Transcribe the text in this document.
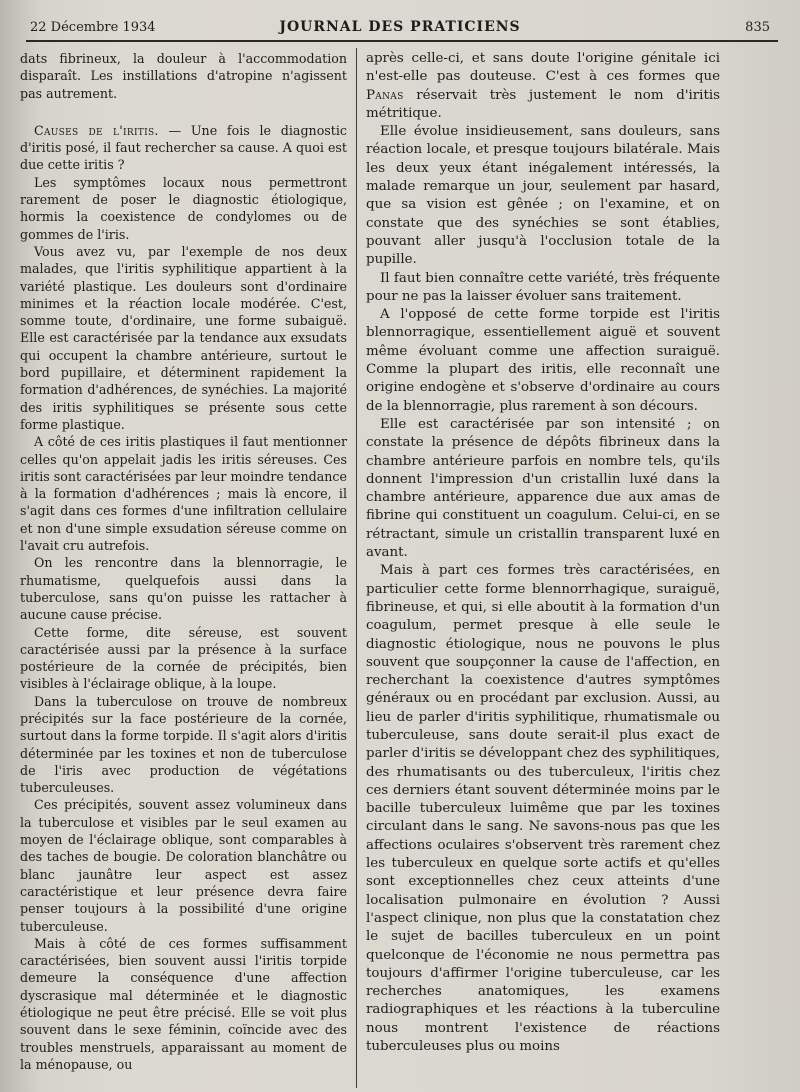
22 Décembre 1934	JOURNAL DES PRATICIENS	835

dats fibrineux, la douleur à l'accommodation disparaît. Les instillations d'atropine n'agissent pas autrement.

Causes de l'iritis. — Une fois le diagnostic d'iritis posé, il faut rechercher sa cause. A quoi est due cette iritis ?

Les symptômes locaux nous permettront rarement de poser le diagnostic étiologique, hormis la coexistence de condylomes ou de gommes de l'iris.

Vous avez vu, par l'exemple de nos deux malades, que l'iritis syphilitique appartient à la variété plastique. Les douleurs sont d'ordinaire minimes et la réaction locale modérée. C'est, somme toute, d'ordinaire, une forme subaiguë. Elle est caractérisée par la tendance aux exsudats qui occupent la chambre antérieure, surtout le bord pupillaire, et déterminent rapidement la formation d'adhérences, de synéchies. La majorité des iritis syphilitiques se présente sous cette forme plastique.

A côté de ces iritis plastiques il faut mentionner celles qu'on appelait jadis les iritis séreuses. Ces iritis sont caractérisées par leur moindre tendance à la formation d'adhérences ; mais là encore, il s'agit dans ces formes d'une infiltration cellulaire et non d'une simple exsudation séreuse comme on l'avait cru autrefois.

On les rencontre dans la blennorragie, le rhumatisme, quelquefois aussi dans la tuberculose, sans qu'on puisse les rattacher à aucune cause précise.

Cette forme, dite séreuse, est souvent caractérisée aussi par la présence à la surface postérieure de la cornée de précipités, bien visibles à l'éclairage oblique, à la loupe.

Dans la tuberculose on trouve de nombreux précipités sur la face postérieure de la cornée, surtout dans la forme torpide. Il s'agit alors d'iritis déterminée par les toxines et non de tuberculose de l'iris avec production de végétations tuberculeuses.

Ces précipités, souvent assez volumineux dans la tuberculose et visibles par le seul examen au moyen de l'éclairage oblique, sont comparables à des taches de bougie. De coloration blanchâtre ou blanc jaunâtre leur aspect est assez caractéristique et leur présence devra faire penser toujours à la possibilité d'une origine tuberculeuse.

Mais à côté de ces formes suffisamment caractérisées, bien souvent aussi l'iritis torpide demeure la conséquence d'une affection dyscrasique mal déterminée et le diagnostic étiologique ne peut être précisé. Elle se voit plus souvent dans le sexe féminin, coïncide avec des troubles menstruels, apparaissant au moment de la ménopause, ou

après celle-ci, et sans doute l'origine génitale ici n'est-elle pas douteuse. C'est à ces formes que Panas réservait très justement le nom d'iritis métritique.

Elle évolue insidieusement, sans douleurs, sans réaction locale, et presque toujours bilatérale. Mais les deux yeux étant inégalement intéressés, la malade remarque un jour, seulement par hasard, que sa vision est gênée ; on l'examine, et on constate que des synéchies se sont établies, pouvant aller jusqu'à l'occlusion totale de la pupille.

Il faut bien connaître cette variété, très fréquente pour ne pas la laisser évoluer sans traitement.

A l'opposé de cette forme torpide est l'iritis blennorragique, essentiellement aiguë et souvent même évoluant comme une affection suraiguë. Comme la plupart des iritis, elle reconnaît une origine endogène et s'observe d'ordinaire au cours de la blennorragie, plus rarement à son décours.

Elle est caractérisée par son intensité ; on constate la présence de dépôts fibrineux dans la chambre antérieure parfois en nombre tels, qu'ils donnent l'impression d'un cristallin luxé dans la chambre antérieure, apparence due aux amas de fibrine qui constituent un coagulum. Celui-ci, en se rétractant, simule un cristallin transparent luxé en avant.

Mais à part ces formes très caractérisées, en particulier cette forme blennorrhagique, suraiguë, fibrineuse, et qui, si elle aboutit à la formation d'un coagulum, permet presque à elle seule le diagnostic étiologique, nous ne pouvons le plus souvent que soupçonner la cause de l'affection, en recherchant la coexistence d'autres symptômes généraux ou en procédant par exclusion. Aussi, au lieu de parler d'iritis syphilitique, rhumatismale ou tuberculeuse, sans doute serait-il plus exact de parler d'iritis se développant chez des syphilitiques, des rhumatisants ou des tuberculeux, l'iritis chez ces derniers étant souvent déterminée moins par le bacille tuberculeux luimême que par les toxines circulant dans le sang. Ne savons-nous pas que les affections oculaires s'observent très rarement chez les tuberculeux en quelque sorte actifs et qu'elles sont exceptionnelles chez ceux atteints d'une localisation pulmonaire en évolution ? Aussi l'aspect clinique, non plus que la constatation chez le sujet de bacilles tuberculeux en un point quelconque de l'économie ne nous permettra pas toujours d'affirmer l'origine tuberculeuse, car les recherches anatomiques, les examens radiographiques et les réactions à la tuberculine nous montrent l'existence de réactions tuberculeuses plus ou moins
